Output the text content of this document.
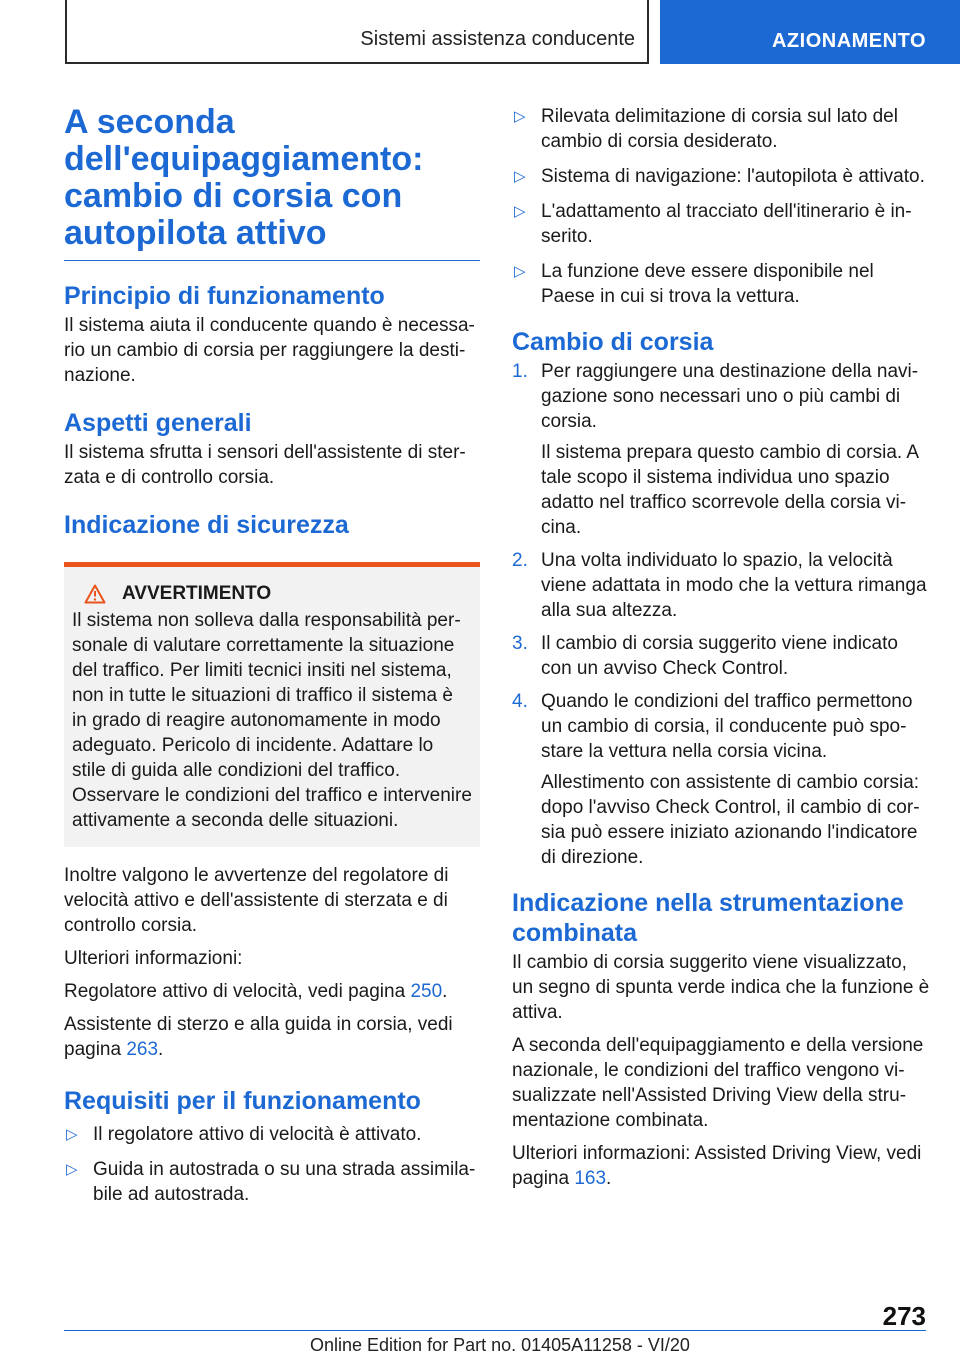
Sistemi assistenza conducente	AZIONAMENTO
A seconda dell'equipaggiamento: cambio di corsia con autopilota attivo
Principio di funzionamento

Il sistema aiuta il conducente quando è necessario un cambio di corsia per raggiungere la destinazione.

Aspetti generali

Il sistema sfrutta i sensori dell'assistente di sterzata e di controllo corsia.

Indicazione di sicurezza
AVVERTIMENTO
Il sistema non solleva dalla responsabilità personale di valutare correttamente la situazione del traffico. Per limiti tecnici insiti nel sistema, non in tutte le situazioni di traffico il sistema è in grado di reagire autonomamente in modo adeguato. Pericolo di incidente. Adattare lo stile di guida alle condizioni del traffico. Osservare le condizioni del traffico e intervenire attivamente a seconda delle situazioni.

Inoltre valgono le avvertenze del regolatore di velocità attivo e dell'assistente di sterzata e di controllo corsia.

Ulteriori informazioni:

Regolatore attivo di velocità, vedi pagina 250.

Assistente di sterzo e alla guida in corsia, vedi pagina 263.

Requisiti per il funzionamento
▷ Il regolatore attivo di velocità è attivato.
▷ Guida in autostrada o su una strada assimilabile ad autostrada.
▷ Rilevata delimitazione di corsia sul lato del cambio di corsia desiderato.
▷ Sistema di navigazione: l'autopilota è attivato.
▷ L'adattamento al tracciato dell'itinerario è inserito.
▷ La funzione deve essere disponibile nel Paese in cui si trova la vettura.
Cambio di corsia
1. Per raggiungere una destinazione della navigazione sono necessari uno o più cambi di corsia.

Il sistema prepara questo cambio di corsia. A tale scopo il sistema individua uno spazio adatto nel traffico scorrevole della corsia vicina.

2. Una volta individuato lo spazio, la velocità viene adattata in modo che la vettura rimanga alla sua altezza.

3. Il cambio di corsia suggerito viene indicato con un avviso Check Control.

4. Quando le condizioni del traffico permettono un cambio di corsia, il conducente può spostare la vettura nella corsia vicina.

Allestimento con assistente di cambio corsia: dopo l'avviso Check Control, il cambio di corsia può essere iniziato azionando l'indicatore di direzione.

Indicazione nella strumentazione combinata

Il cambio di corsia suggerito viene visualizzato, un segno di spunta verde indica che la funzione è attiva.

A seconda dell'equipaggiamento e della versione nazionale, le condizioni del traffico vengono visualizzate nell'Assisted Driving View della strumentazione combinata.

Ulteriori informazioni: Assisted Driving View, vedi pagina 163.

273
Online Edition for Part no. 01405A11258 - VI/20
